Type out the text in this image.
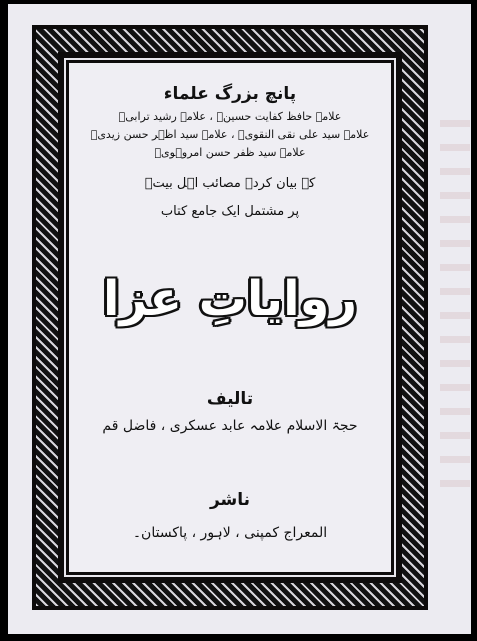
پانچ بزرگ علماء
علامہ حافظ کفایت حسینؒ ، علامہ رشید ترابیؒ
علامہ سید علی نقی النقویؒ ، علامہ سید اظہر حسن زیدیؒ
علامہ سید ظفر حسن امروہویؒ
کے بیان کردہ مصائب اہل بیتؑ
پر مشتمل ایک جامع کتاب
روایاتِ عزا
تالیف
حجۃ الاسلام علامہ عابد عسکری ، فاضل قم
ناشر
المعراج کمپنی ، لاہور ، پاکستان۔
